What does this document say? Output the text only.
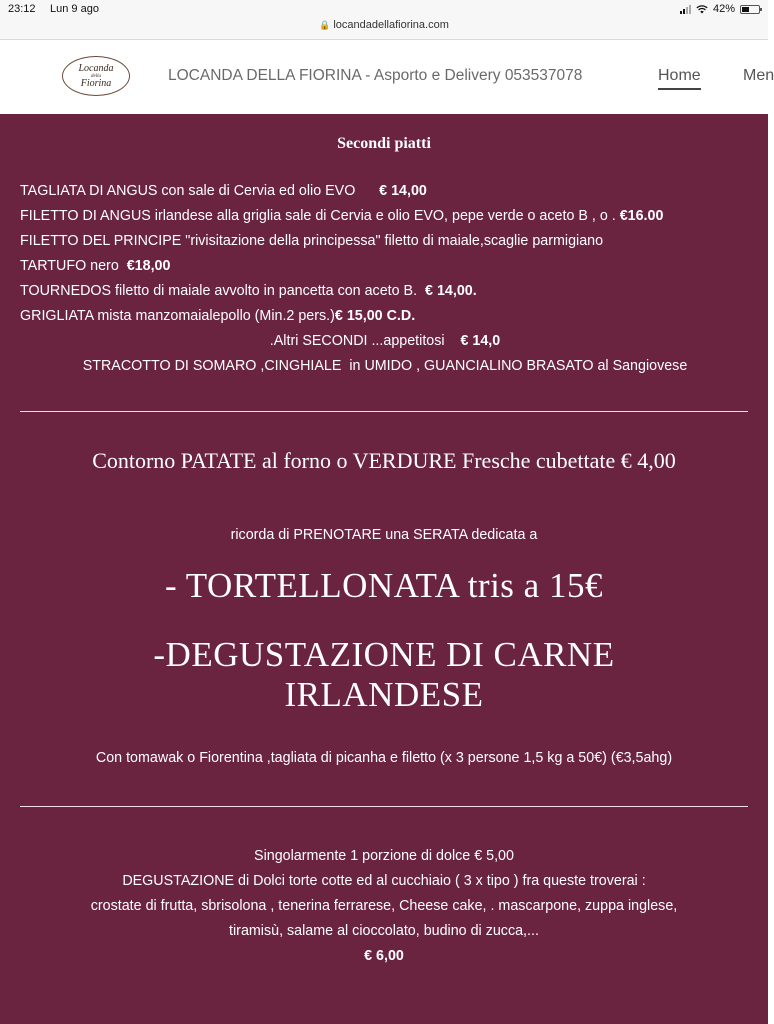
23:12 Lun 9 ago	42%
🔒 locandadellafiorina.com
Locanda
della
Fiorina	LOCANDA DELLA FIORINA - Asporto e Delivery 053537078	Home	Men
Secondi piatti
TAGLIATA DI ANGUS con sale di Cervia ed olio EVO      € 14,00
FILETTO DI ANGUS irlandese alla griglia sale di Cervia e olio EVO, pepe verde o aceto B , o . €16.00
FILETTO DEL PRINCIPE "rivisitazione della principessa" filetto di maiale,scaglie parmigiano
TARTUFO nero  €18,00
TOURNEDOS filetto di maiale avvolto in pancetta con aceto B.  € 14,00.
GRIGLIATA mista manzomaialepollo (Min.2 pers.)€ 15,00 C.D.
.Altri SECONDI ...appetitosi    € 14,0
STRACOTTO DI SOMARO ,CINGHIALE  in UMIDO , GUANCIALINO BRASATO al Sangiovese
Contorno PATATE al forno o VERDURE Fresche cubettate € 4,00
ricorda di PRENOTARE una SERATA dedicata a
- TORTELLONATA tris a 15€
-DEGUSTAZIONE DI CARNE IRLANDESE
Con tomawak o Fiorentina ,tagliata di picanha e filetto (x 3 persone 1,5 kg a 50€) (€3,5ahg)
Singolarmente 1 porzione di dolce € 5,00
DEGUSTAZIONE di Dolci torte cotte ed al cucchiaio ( 3 x tipo ) fra queste troverai :
crostate di frutta, sbrisolona , tenerina ferrarese, Cheese cake, . mascarpone, zuppa inglese,
tiramisù, salame al cioccolato, budino di zucca,...
€ 6,00
